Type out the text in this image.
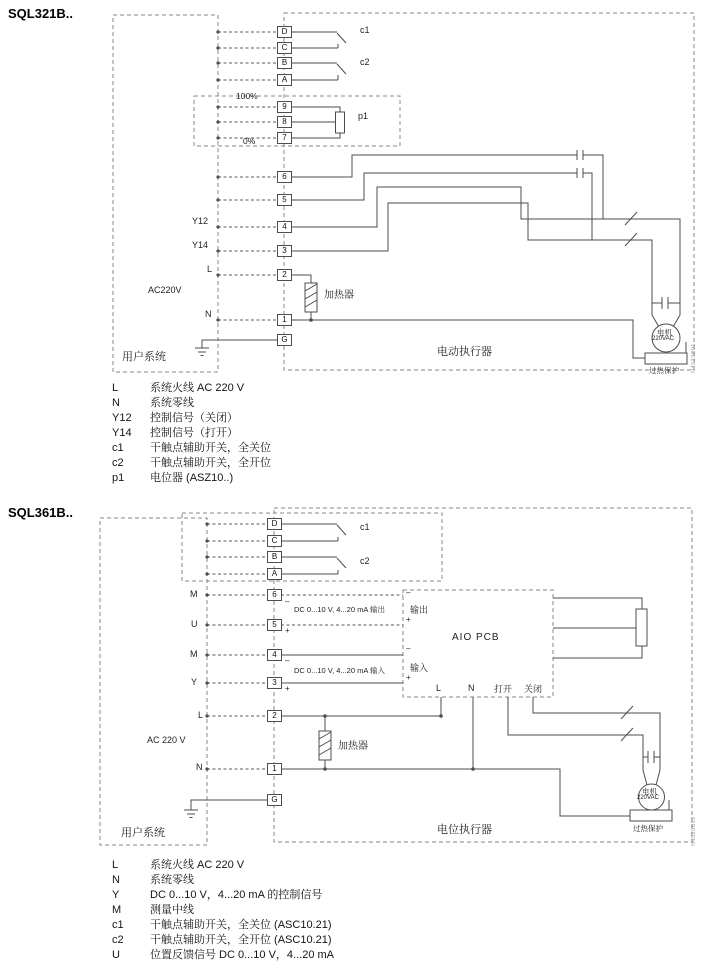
D
C
B
A
9
8
7
6
5
4
3
2
1
G
SQL321B..
c1
c2
100%
0%
p1
Y12
Y14
L
N
AC220V	加热器
用户系统	电动执行器
电机
220VAC
过热保护 N4523B01
L	系统火线 AC 220 V
N	系统零线
Y12	控制信号（关闭）
Y14	控制信号（打开）
c1	干触点辅助开关，全关位
c2	干触点辅助开关，全开位
p1	电位器 (ASZ10..)
D
C
B
A
6
5
4
3
2
1
G
SQL361B..
c1
c2
M
U
M
Y
L
N
–
+
–
+
DC 0...10 V, 4...20 mA 输出
DC 0...10 V, 4...20 mA 输入
–
输出
+
–
输入
+
AIO PCB
L	N 打开 关闭
AC 220 V
加热器
用户系统	电位执行器
电机
220VAC
过热保护	N4520B02
L	系统火线 AC 220 V
N	系统零线
Y	DC 0...10 V，4...20 mA 的控制信号
M	测量中线
c1	干触点辅助开关，全关位 (ASC10.21)
c2	干触点辅助开关，全开位 (ASC10.21)
U	位置反馈信号 DC 0...10 V，4...20 mA
